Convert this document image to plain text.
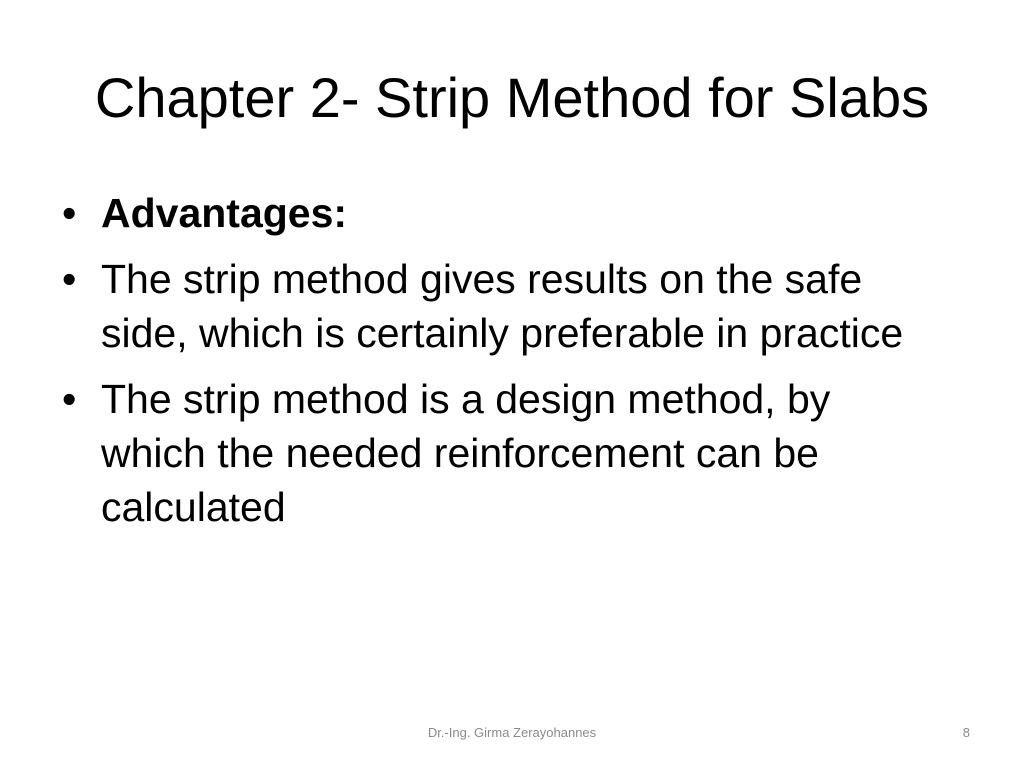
Chapter 2- Strip Method for Slabs
• Advantages:
• The strip method gives results on the safe side, which is certainly preferable in practice
• The strip method is a design method, by which the needed reinforcement can be calculated
Dr.-Ing. Girma Zerayohannes	8
